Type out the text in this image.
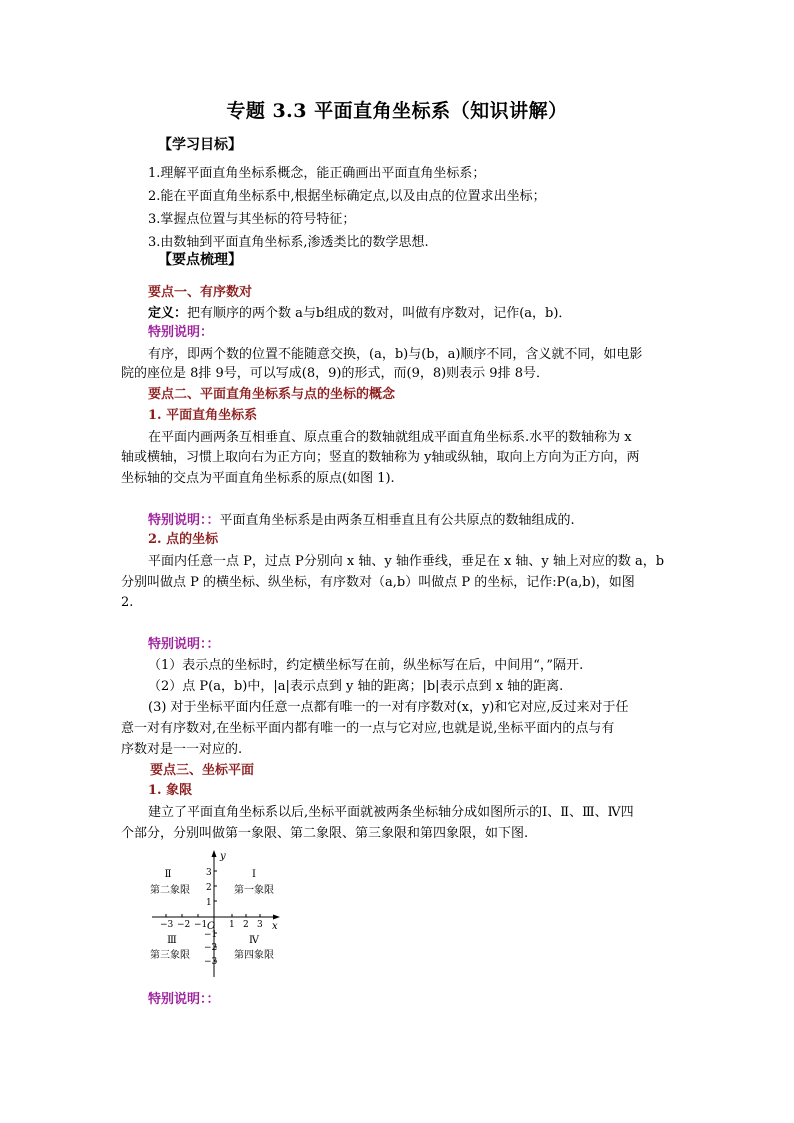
专题 3.3 平面直角坐标系（知识讲解）
【学习目标】
1.理解平面直角坐标系概念，能正确画出平面直角坐标系；
2.能在平面直角坐标系中,根据坐标确定点,以及由点的位置求出坐标；
3.掌握点位置与其坐标的符号特征；
3.由数轴到平面直角坐标系,渗透类比的数学思想.
【要点梳理】
要点一、有序数对
定义：把有顺序的两个数 a与b组成的数对，叫做有序数对，记作(a，b)．
特别说明：
有序，即两个数的位置不能随意交换，(a，b)与(b，a)顺序不同，含义就不同，如电影
院的座位是 8排 9号，可以写成(8，9)的形式，而(9，8)则表示 9排 8号．
要点二、平面直角坐标系与点的坐标的概念
1. 平面直角坐标系
在平面内画两条互相垂直、原点重合的数轴就组成平面直角坐标系.水平的数轴称为 x
轴或横轴，习惯上取向右为正方向；竖直的数轴称为 y轴或纵轴，取向上方向为正方向，两
坐标轴的交点为平面直角坐标系的原点(如图 1).
特别说明：：平面直角坐标系是由两条互相垂直且有公共原点的数轴组成的.
2. 点的坐标
平面内任意一点 P，过点 P分别向 x 轴、y 轴作垂线，垂足在 x 轴、y 轴上对应的数 a，b
分别叫做点 P 的横坐标、纵坐标，有序数对（a,b）叫做点 P 的坐标，记作:P(a,b)，如图
2.
特别说明：：
（1）表示点的坐标时，约定横坐标写在前，纵坐标写在后，中间用“，”隔开.
（2）点 P(a，b)中，|a|表示点到 y 轴的距离；|b|表示点到 x 轴的距离.
(3) 对于坐标平面内任意一点都有唯一的一对有序数对(x，y)和它对应,反过来对于任
意一对有序数对,在坐标平面内都有唯一的一点与它对应,也就是说,坐标平面内的点与有
序数对是一一对应的.
要点三、坐标平面
1. 象限
建立了平面直角坐标系以后,坐标平面就被两条坐标轴分成如图所示的Ⅰ、Ⅱ、Ⅲ、Ⅳ四
个部分，分别叫做第一象限、第二象限、第三象限和第四象限，如下图.
y
x
O
−3 −2 −1 1 2 3
3
2
1
−1
−2
−3
Ⅱ
第二象限
Ⅰ
第一象限
Ⅲ
第三象限
Ⅳ
第四象限
特别说明：：
